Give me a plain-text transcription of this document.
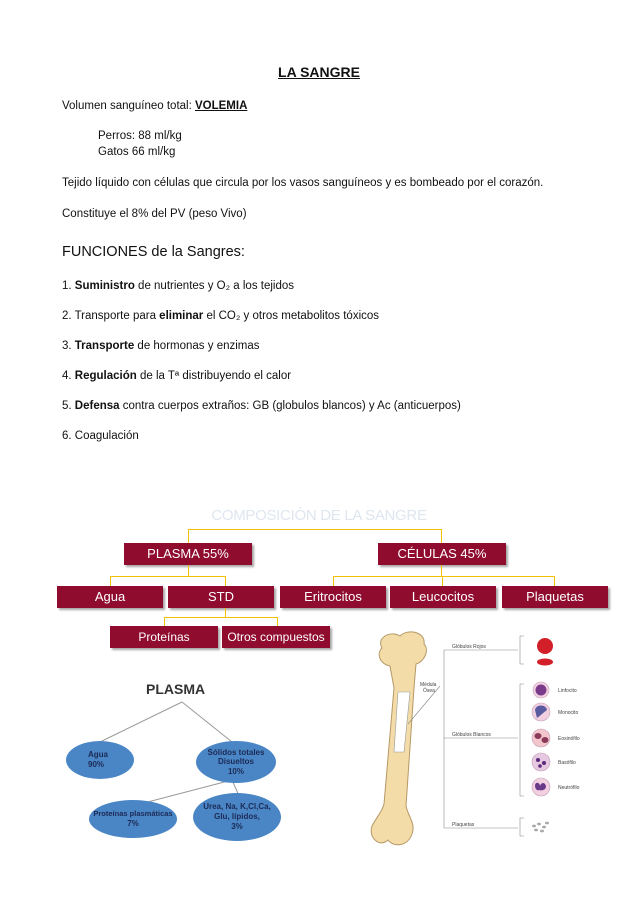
LA SANGRE
Volumen sanguíneo total: VOLEMIA
Perros: 88 ml/kg
Gatos 66 ml/kg
Tejido líquido con células que circula por los vasos sanguíneos y es bombeado por el corazón.
Constituye el 8% del PV (peso Vivo)
FUNCIONES de la Sangres:
1. Suministro de nutrientes y O₂ a los tejidos
2. Transporte para eliminar el CO₂ y otros metabolitos tóxicos
3. Transporte de hormonas y enzimas
4. Regulación de la Tª distribuyendo el calor
5. Defensa contra cuerpos extraños: GB (globulos blancos) y Ac (anticuerpos)
6. Coagulación
COMPOSICIÓN DE LA SANGRE
PLASMA 55%	CÉLULAS 45%
Agua	STD	Eritrocitos	Leucocitos	Plaquetas
Proteínas Plasmáticas
Otros compuestos
PLASMA
Agua
90%
Sólidos totales
Disueltos
10%
Proteínas plasmáticas
7%
Urea, Na, K,Cl,Ca,
Glu, lípidos,
3%
Médula
Ósea
Glóbulos Rojos
Glóbulos Blancos
Plaquetas
Linfocito
Monocito
Eosinófilo
Basófilo
Neutrófilo
